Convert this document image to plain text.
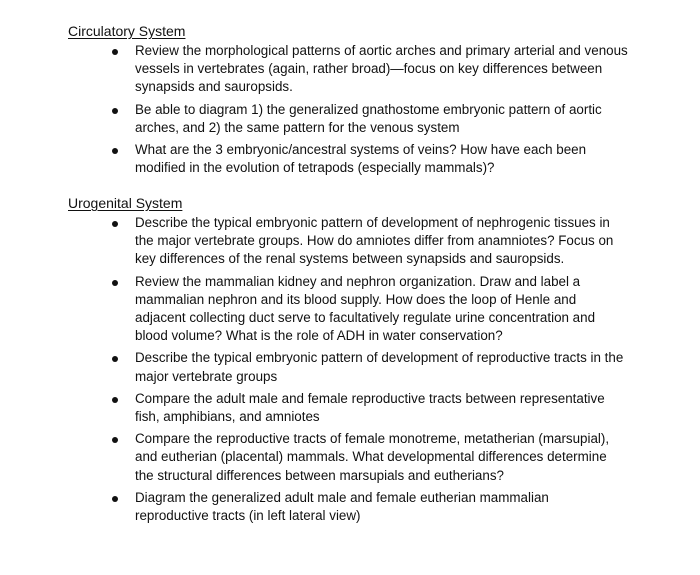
Circulatory System
Review the morphological patterns of aortic arches and primary arterial and venous vessels in vertebrates (again, rather broad)—focus on key differences between synapsids and sauropsids.
Be able to diagram 1) the generalized gnathostome embryonic pattern of aortic arches, and 2) the same pattern for the venous system
What are the 3 embryonic/ancestral systems of veins? How have each been modified in the evolution of tetrapods (especially mammals)?
Urogenital System
Describe the typical embryonic pattern of development of nephrogenic tissues in the major vertebrate groups. How do amniotes differ from anamniotes? Focus on key differences of the renal systems between synapsids and sauropsids.
Review the mammalian kidney and nephron organization. Draw and label a mammalian nephron and its blood supply. How does the loop of Henle and adjacent collecting duct serve to facultatively regulate urine concentration and blood volume? What is the role of ADH in water conservation?
Describe the typical embryonic pattern of development of reproductive tracts in the major vertebrate groups
Compare the adult male and female reproductive tracts between representative fish, amphibians, and amniotes
Compare the reproductive tracts of female monotreme, metatherian (marsupial), and eutherian (placental) mammals. What developmental differences determine the structural differences between marsupials and eutherians?
Diagram the generalized adult male and female eutherian mammalian reproductive tracts (in left lateral view)
